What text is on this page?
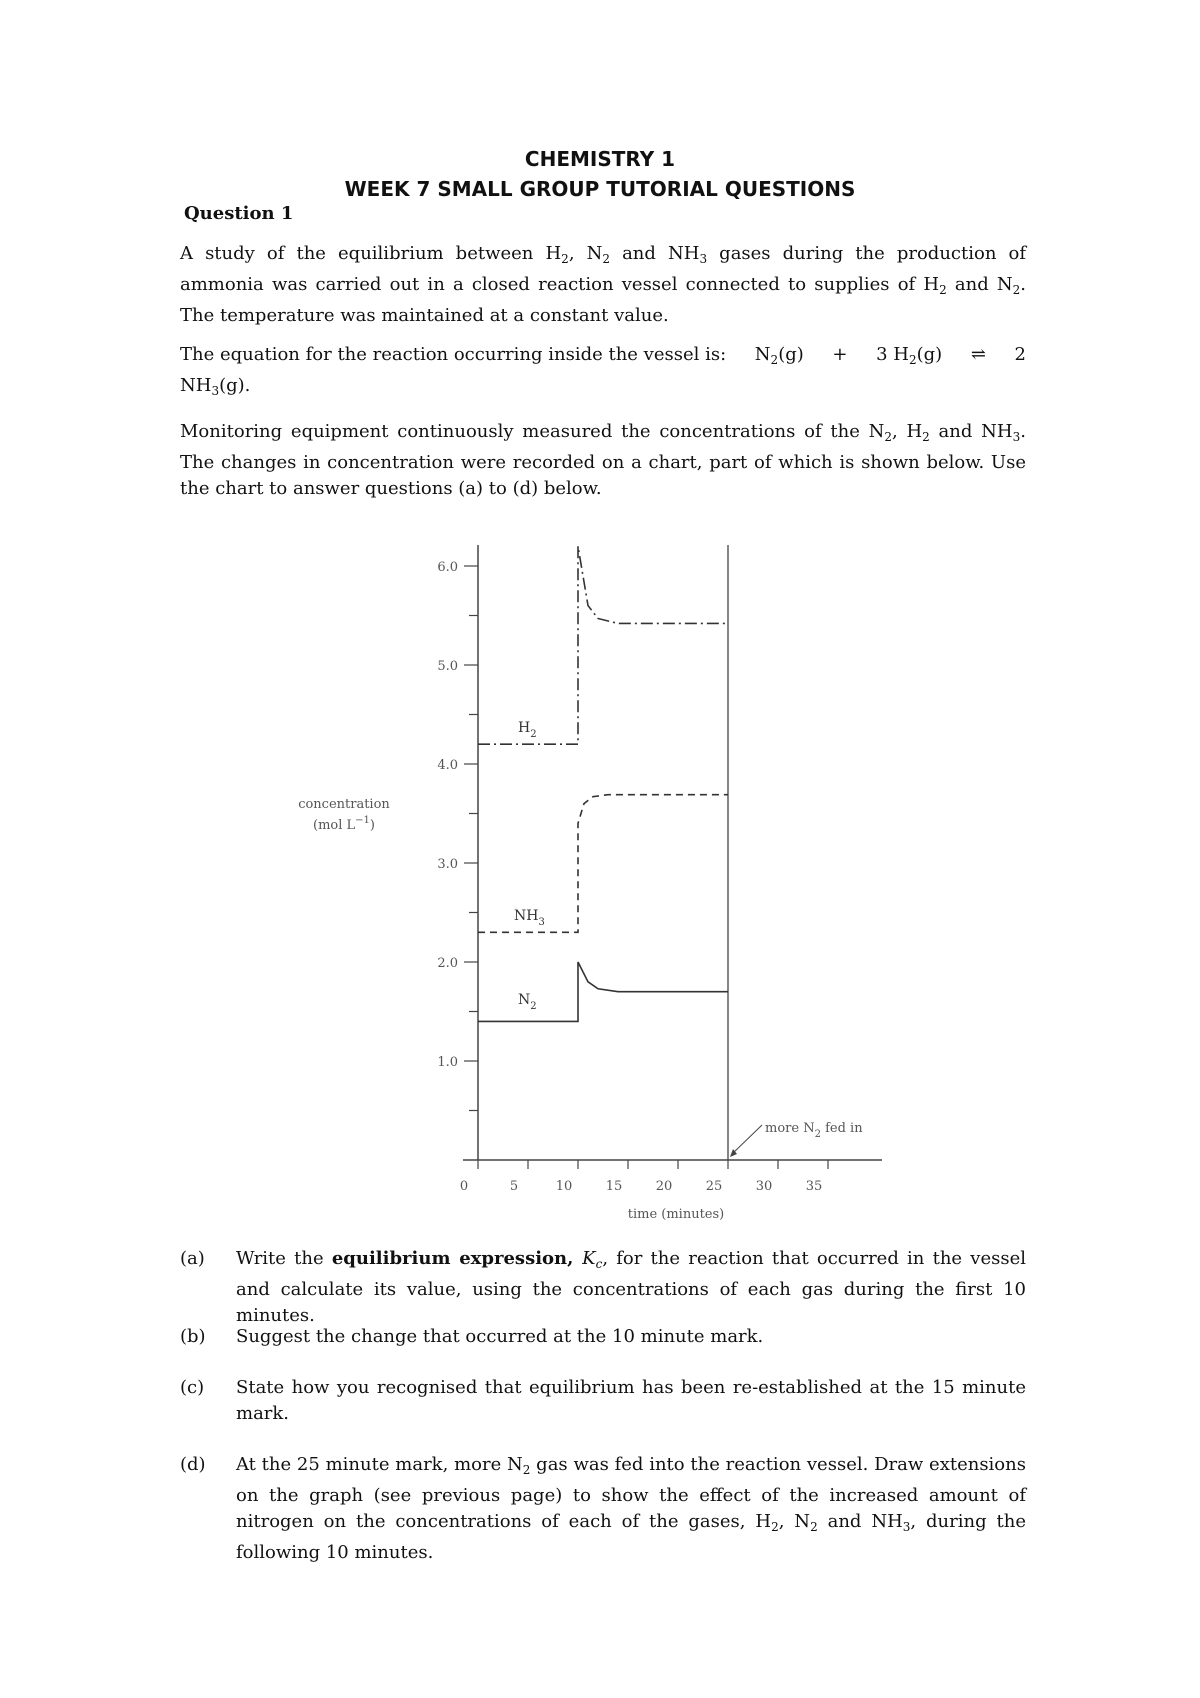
CHEMISTRY 1
WEEK 7 SMALL GROUP TUTORIAL QUESTIONS
Question 1
A study of the equilibrium between $H_2$, $N_2$ and $NH_3$ gases during the production of ammonia was carried out in a closed reaction vessel connected to supplies of $H_2$ and $N_2$. The temperature was maintained at a constant value.
The equation for the reaction occurring inside the vessel is: $N_2(g) + 3$ $H_2(g)$ ⇌ 2
$NH_3(g)$.
Monitoring equipment continuously measured the concentrations of the $N_2$, $H_2$ and $NH_3$. The changes in concentration were recorded on a chart, part of which is shown below. Use the chart to answer questions (a) to (d) below.
1.0
2.0
3.0
4.0
5.0
6.0
0	5	10	15	20	25	30	35
concentration
(mol $L^{-1}$)
time (minutes)
more $N_2$ fed in
$H_2$
$NH_3$
$N_2$
(a) Write the equilibrium expression, $K_c$, for the reaction that occurred in the vessel and calculate its value, using the concentrations of each gas during the first 10 minutes.
(b) Suggest the change that occurred at the 10 minute mark.
(c) State how you recognised that equilibrium has been re-established at the 15 minute mark.
(d) At the 25 minute mark, more $N_2$ gas was fed into the reaction vessel. Draw extensions on the graph (see previous page) to show the effect of the increased amount of nitrogen on the concentrations of each of the gases, $H_2$, $N_2$ and $NH_3$, during the following 10 minutes.
